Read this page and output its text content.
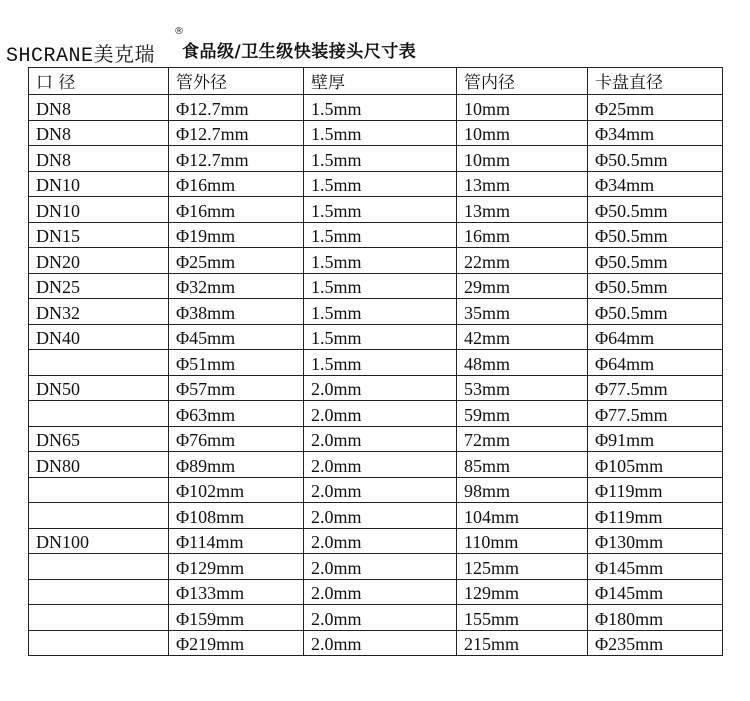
SHCRANE美克瑞
®
食品级/卫生级快装接头尺寸表
口 径	管外径	壁厚	管内径	卡盘直径
DN8	Φ12.7mm	1.5mm	10mm	Φ25mm
DN8	Φ12.7mm	1.5mm	10mm	Φ34mm
DN8	Φ12.7mm	1.5mm	10mm	Φ50.5mm
DN10	Φ16mm	1.5mm	13mm	Φ34mm
DN10	Φ16mm	1.5mm	13mm	Φ50.5mm
DN15	Φ19mm	1.5mm	16mm	Φ50.5mm
DN20	Φ25mm	1.5mm	22mm	Φ50.5mm
DN25	Φ32mm	1.5mm	29mm	Φ50.5mm
DN32	Φ38mm	1.5mm	35mm	Φ50.5mm
DN40	Φ45mm	1.5mm	42mm	Φ64mm
	Φ51mm	1.5mm	48mm	Φ64mm
DN50	Φ57mm	2.0mm	53mm	Φ77.5mm
	Φ63mm	2.0mm	59mm	Φ77.5mm
DN65	Φ76mm	2.0mm	72mm	Φ91mm
DN80	Φ89mm	2.0mm	85mm	Φ105mm
	Φ102mm	2.0mm	98mm	Φ119mm
	Φ108mm	2.0mm	104mm	Φ119mm
DN100	Φ114mm	2.0mm	110mm	Φ130mm
	Φ129mm	2.0mm	125mm	Φ145mm
	Φ133mm	2.0mm	129mm	Φ145mm
	Φ159mm	2.0mm	155mm	Φ180mm
	Φ219mm	2.0mm	215mm	Φ235mm
